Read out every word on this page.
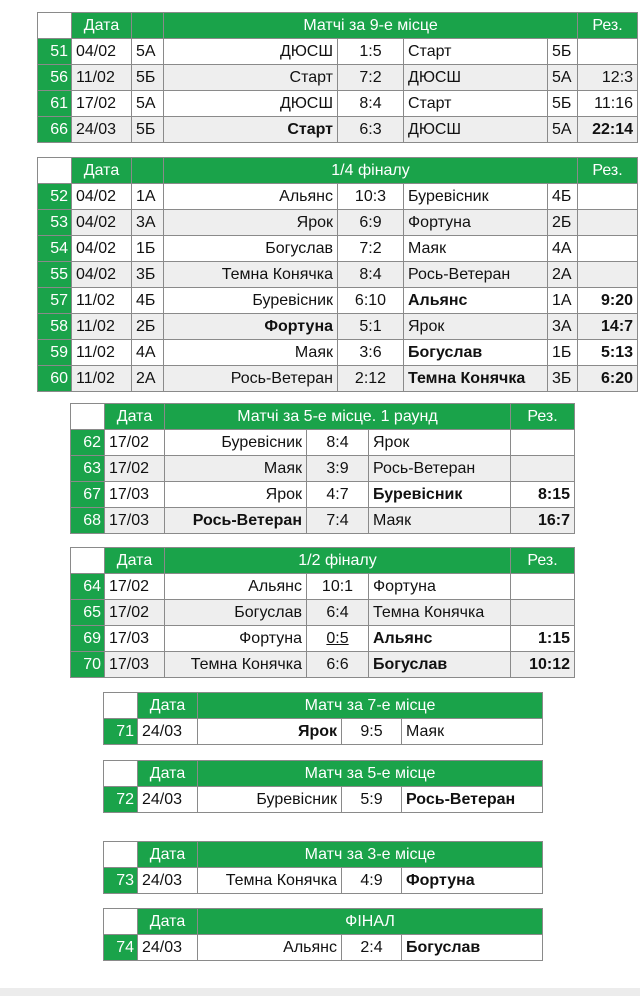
	Дата		Матчі за 9-е місце				Рез.
51	04/02	5А	ДЮСШ	1:5	Старт	5Б	
56	11/02	5Б	Старт	7:2	ДЮСШ	5А	12:3
61	17/02	5А	ДЮСШ	8:4	Старт	5Б	11:16
66	24/03	5Б	Старт	6:3	ДЮСШ	5А	22:14
	Дата		1/4 фіналу				Рез.
52	04/02	1А	Альянс	10:3	Буревісник	4Б	
53	04/02	3А	Ярок	6:9	Фортуна	2Б	
54	04/02	1Б	Богуслав	7:2	Маяк	4А	
55	04/02	3Б	Темна Конячка	8:4	Рось-Ветеран	2А	
57	11/02	4Б	Буревісник	6:10	Альянс	1А	9:20
58	11/02	2Б	Фортуна	5:1	Ярок	3А	14:7
59	11/02	4А	Маяк	3:6	Богуслав	1Б	5:13
60	11/02	2А	Рось-Ветеран	2:12	Темна Конячка	3Б	6:20
	Дата	Матчі за 5-е місце. 1 раунд			Рез.
62	17/02	Буревісник	8:4	Ярок	
63	17/02	Маяк	3:9	Рось-Ветеран	
67	17/03	Ярок	4:7	Буревісник	8:15
68	17/03	Рось-Ветеран	7:4	Маяк	16:7
	Дата	1/2 фіналу			Рез.
64	17/02	Альянс	10:1	Фортуна	
65	17/02	Богуслав	6:4	Темна Конячка	
69	17/03	Фортуна	0:5	Альянс	1:15
70	17/03	Темна Конячка	6:6	Богуслав	10:12
	Дата	Матч за 7-е місце		
71	24/03	Ярок	9:5	Маяк
	Дата	Матч за 5-е місце		
72	24/03	Буревісник	5:9	Рось-Ветеран
	Дата	Матч за 3-е місце		
73	24/03	Темна Конячка	4:9	Фортуна
	Дата	ФІНАЛ		
74	24/03	Альянс	2:4	Богуслав
